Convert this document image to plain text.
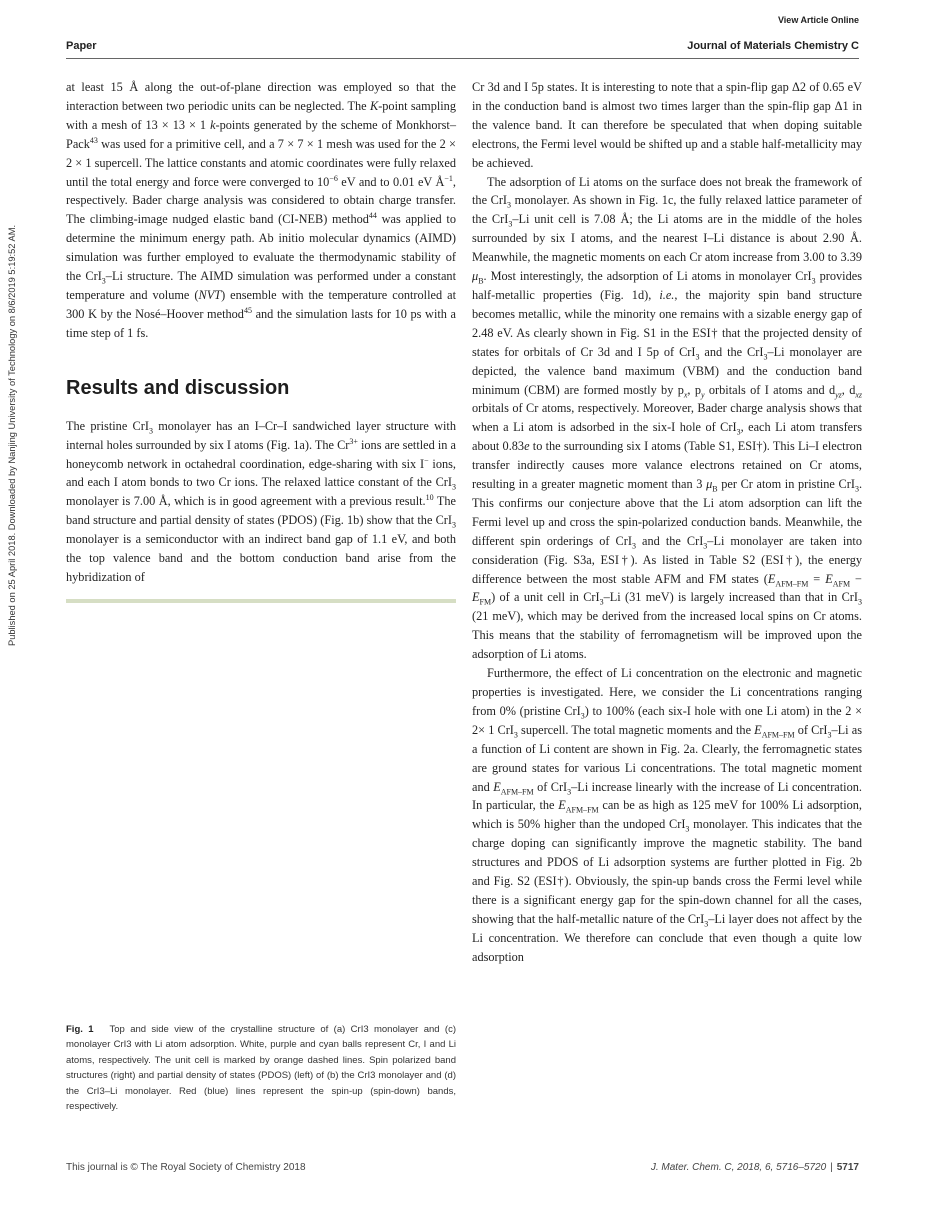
View Article Online
Paper	Journal of Materials Chemistry C
Published on 25 April 2018. Downloaded by Nanjing University of Technology on 8/6/2019 5:19:52 AM.

at least 15 Å along the out-of-plane direction was employed so that the interaction between two periodic units can be neglected. The K-point sampling with a mesh of 13 × 13 × 1 k-points generated by the scheme of Monkhorst–Pack$^{43}$ was used for a primitive cell, and a 7 × 7 × 1 mesh was used for the 2 × 2 × 1 supercell. The lattice constants and atomic coordinates were fully relaxed until the total energy and force were converged to $10^{-6}$ eV and to 0.01 eV $Å^{-1}$, respectively. Bader charge analysis was considered to obtain charge transfer. The climbing-image nudged elastic band (CI-NEB) method$^{44}$ was applied to determine the minimum energy path. Ab initio molecular dynamics (AIMD) simulation was further employed to evaluate the thermodynamic stability of the CrI$_3$–Li structure. The AIMD simulation was performed under a constant temperature and volume (NVT) ensemble with the temperature controlled at 300 K by the Nosé–Hoover method$^{45}$ and the simulation lasts for 10 ps with a time step of 1 fs.

Results and discussion

The pristine CrI$_3$ monolayer has an I–Cr–I sandwiched layer structure with internal holes surrounded by six I atoms (Fig. 1a). The $Cr^{3+}$ ions are settled in a honeycomb network in octahedral coordination, edge-sharing with six I− ions, and each I atom bonds to two Cr ions. The relaxed lattice constant of the CrI$_3$ monolayer is 7.00 Å, which is in good agreement with a previous result.$^{10}$ The band structure and partial density of states (PDOS) (Fig. 1b) show that the CrI$_3$ monolayer is a semiconductor with an indirect band gap of 1.1 eV, and both the top valence band and the bottom conduction band arise from the hybridization of

Cr 3d and I 5p states. It is interesting to note that a spin-flip gap Δ2 of 0.65 eV in the conduction band is almost two times larger than the spin-flip gap Δ1 in the valence band. It can therefore be speculated that when doping suitable electrons, the Fermi level would be shifted up and a stable half-metallicity may be achieved.

The adsorption of Li atoms on the surface does not break the framework of the CrI$_3$ monolayer. As shown in Fig. 1c, the fully relaxed lattice parameter of the CrI$_3$–Li unit cell is 7.08 Å; the Li atoms are in the middle of the holes surrounded by six I atoms, and the nearest I–Li distance is about 2.90 Å. Meanwhile, the magnetic moments on each Cr atom increase from 3.00 to 3.39 $\mu_B$. Most interestingly, the adsorption of Li atoms in monolayer CrI$_3$ provides half-metallic properties (Fig. 1d), i.e., the majority spin band structure becomes metallic, while the minority one remains with a sizable energy gap of 2.48 eV. As clearly shown in Fig. S1 in the ESI† that the projected density of states for orbitals of Cr 3d and I 5p of CrI$_3$ and the CrI$_3$–Li monolayer are depicted, the valence band maximum (VBM) and the conduction band minimum (CBM) are formed mostly by $p_x$, $p_y$ orbitals of I atoms and $d_{yz}$, $d_{xz}$ orbitals of Cr atoms, respectively. Moreover, Bader charge analysis shows that when a Li atom is adsorbed in the six-I hole of CrI$_3$, each Li atom transfers about 0.83e to the surrounding six I atoms (Table S1, ESI†). This Li–I electron transfer indirectly causes more valance electrons retained on Cr atoms, resulting in a greater magnetic moment than 3 $\mu_B$ per Cr atom in pristine CrI$_3$. This confirms our conjecture above that the Li atom adsorption can lift the Fermi level up and cross the spin-polarized conduction bands. Meanwhile, the different spin orderings of CrI$_3$ and the CrI$_3$–Li monolayer are taken into consideration (Fig. S3a, ESI†). As listed in Table S2 (ESI†), the energy difference between the most stable AFM and FM states $(E_{AFM-FM} = E_{AFM} - E_{FM})$ of a unit cell in CrI$_3$–Li (31 meV) is largely increased than that in CrI$_3$ (21 meV), which may be derived from the increased local spins on Cr atoms. This means that the stability of ferromagnetism will be improved upon the adsorption of Li atoms.

Furthermore, the effect of Li concentration on the electronic and magnetic properties is investigated. Here, we consider the Li concentrations ranging from 0% (pristine CrI$_3$) to 100% (each six-I hole with one Li atom) in the 2 × 2× 1 CrI$_3$ supercell. The total magnetic moments and the $E_{AFM-FM}$ of CrI$_3$–Li as a function of Li content are shown in Fig. 2a. Clearly, the ferromagnetic states are ground states for various Li concentrations. The total magnetic moment and $E_{AFM-FM}$ of CrI$_3$–Li increase linearly with the increase of Li concentration. In particular, the $E_{AFM-FM}$ can be as high as 125 meV for 100% Li adsorption, which is 50% higher than the undoped CrI$_3$ monolayer. This indicates that the charge doping can significantly improve the magnetic stability. The band structures and PDOS of Li adsorption systems are further plotted in Fig. 2b and Fig. S2 (ESI†). Obviously, the spin-up bands cross the Fermi level while there is a significant energy gap for the spin-down channel for all the cases, showing that the half-metallic nature of the CrI$_3$–Li layer does not affect by the Li concentration. We therefore can conclude that even though a quite low adsorption

Fig. 1 Top and side view of the crystalline structure of (a) CrI3 monolayer and (c) monolayer CrI3 with Li atom adsorption. White, purple and cyan balls represent Cr, I and Li atoms, respectively. The unit cell is marked by orange dashed lines. Spin polarized band structures (right) and partial density of states (PDOS) (left) of (b) the CrI3 monolayer and (d) the CrI3–Li monolayer. Red (blue) lines represent the spin-up (spin-down) bands, respectively.
This journal is © The Royal Society of Chemistry 2018	J. Mater. Chem. C, 2018, 6, 5716–5720 | 5717
